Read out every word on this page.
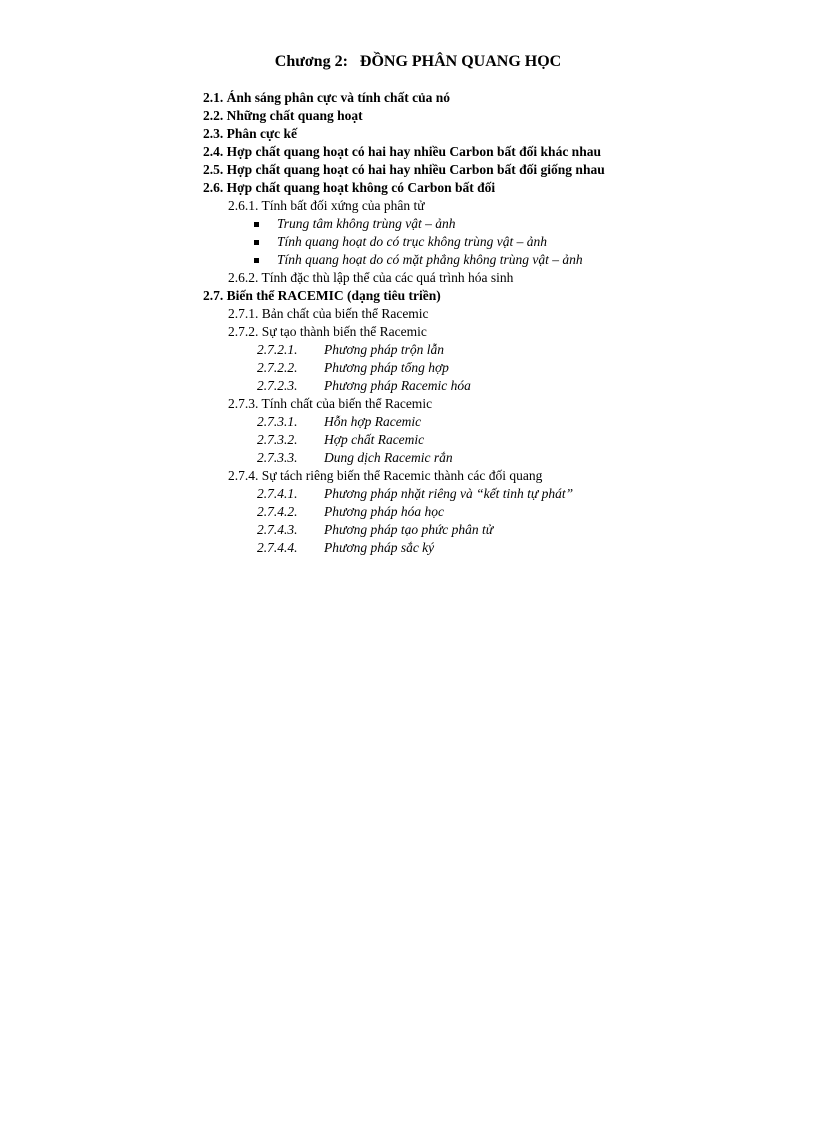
Chương 2:   ĐỒNG PHÂN QUANG HỌC
2.1. Ánh sáng phân cực và tính chất của nó
2.2. Những chất quang hoạt
2.3. Phân cực kế
2.4. Hợp chất quang hoạt có hai hay nhiều Carbon bất đối khác nhau
2.5. Hợp chất quang hoạt có hai hay nhiều Carbon bất đối giống nhau
2.6. Hợp chất quang hoạt không có Carbon bất đối
2.6.1. Tính bất đối xứng của phân tử
Trung tâm không trùng vật – ảnh
Tính quang hoạt do có trục không trùng vật – ảnh
Tính quang hoạt do có mặt phẳng không trùng vật – ảnh
2.6.2. Tính đặc thù lập thể của các quá trình hóa sinh
2.7. Biến thể RACEMIC (dạng tiêu triền)
2.7.1. Bản chất của biến thể Racemic
2.7.2. Sự tạo thành biến thể Racemic
2.7.2.1. Phương pháp trộn lẫn
2.7.2.2. Phương pháp tổng hợp
2.7.2.3. Phương pháp Racemic hóa
2.7.3. Tính chất của biến thể Racemic
2.7.3.1. Hỗn hợp Racemic
2.7.3.2. Hợp chất Racemic
2.7.3.3. Dung dịch Racemic rắn
2.7.4. Sự tách riêng biến thể Racemic thành các đối quang
2.7.4.1. Phương pháp nhặt riêng và “kết tinh tự phát”
2.7.4.2. Phương pháp hóa học
2.7.4.3. Phương pháp tạo phức phân tử
2.7.4.4. Phương pháp sắc ký
